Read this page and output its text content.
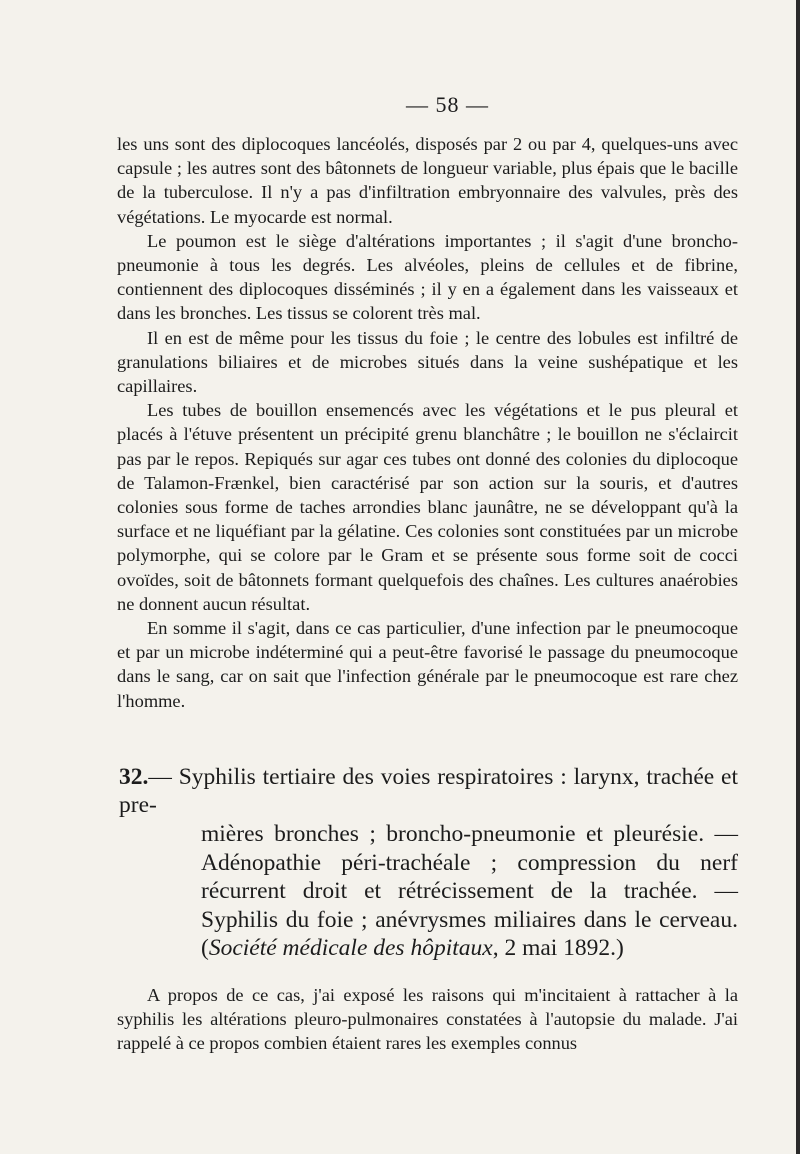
— 58 —

les uns sont des diplocoques lancéolés, disposés par 2 ou par 4, quelques-uns avec capsule ; les autres sont des bâtonnets de longueur variable, plus épais que le bacille de la tuberculose. Il n'y a pas d'infiltration embryonnaire des valvules, près des végétations. Le myocarde est normal.

Le poumon est le siège d'altérations importantes ; il s'agit d'une broncho-pneumonie à tous les degrés. Les alvéoles, pleins de cellules et de fibrine, contiennent des diplocoques disséminés ; il y en a également dans les vaisseaux et dans les bronches. Les tissus se colorent très mal.

Il en est de même pour les tissus du foie ; le centre des lobules est infiltré de granulations biliaires et de microbes situés dans la veine sushépatique et les capillaires.

Les tubes de bouillon ensemencés avec les végétations et le pus pleural et placés à l'étuve présentent un précipité grenu blanchâtre ; le bouillon ne s'éclaircit pas par le repos. Repiqués sur agar ces tubes ont donné des colonies du diplocoque de Talamon-Frænkel, bien caractérisé par son action sur la souris, et d'autres colonies sous forme de taches arrondies blanc jaunâtre, ne se développant qu'à la surface et ne liquéfiant par la gélatine. Ces colonies sont constituées par un microbe polymorphe, qui se colore par le Gram et se présente sous forme soit de cocci ovoïdes, soit de bâtonnets formant quelquefois des chaînes. Les cultures anaérobies ne donnent aucun résultat.

En somme il s'agit, dans ce cas particulier, d'une infection par le pneumocoque et par un microbe indéterminé qui a peut-être favorisé le passage du pneumocoque dans le sang, car on sait que l'infection générale par le pneumocoque est rare chez l'homme.

32.— Syphilis tertiaire des voies respiratoires : larynx, trachée et pre-
mières bronches ; broncho-pneumonie et pleurésie. — Adénopathie péri-trachéale ; compression du nerf récurrent droit et rétrécissement de la trachée. — Syphilis du foie ; anévrysmes miliaires dans le cerveau. (Société médicale des hôpitaux, 2 mai 1892.)

A propos de ce cas, j'ai exposé les raisons qui m'incitaient à rattacher à la syphilis les altérations pleuro-pulmonaires constatées à l'autopsie du malade. J'ai rappelé à ce propos combien étaient rares les exemples connus
